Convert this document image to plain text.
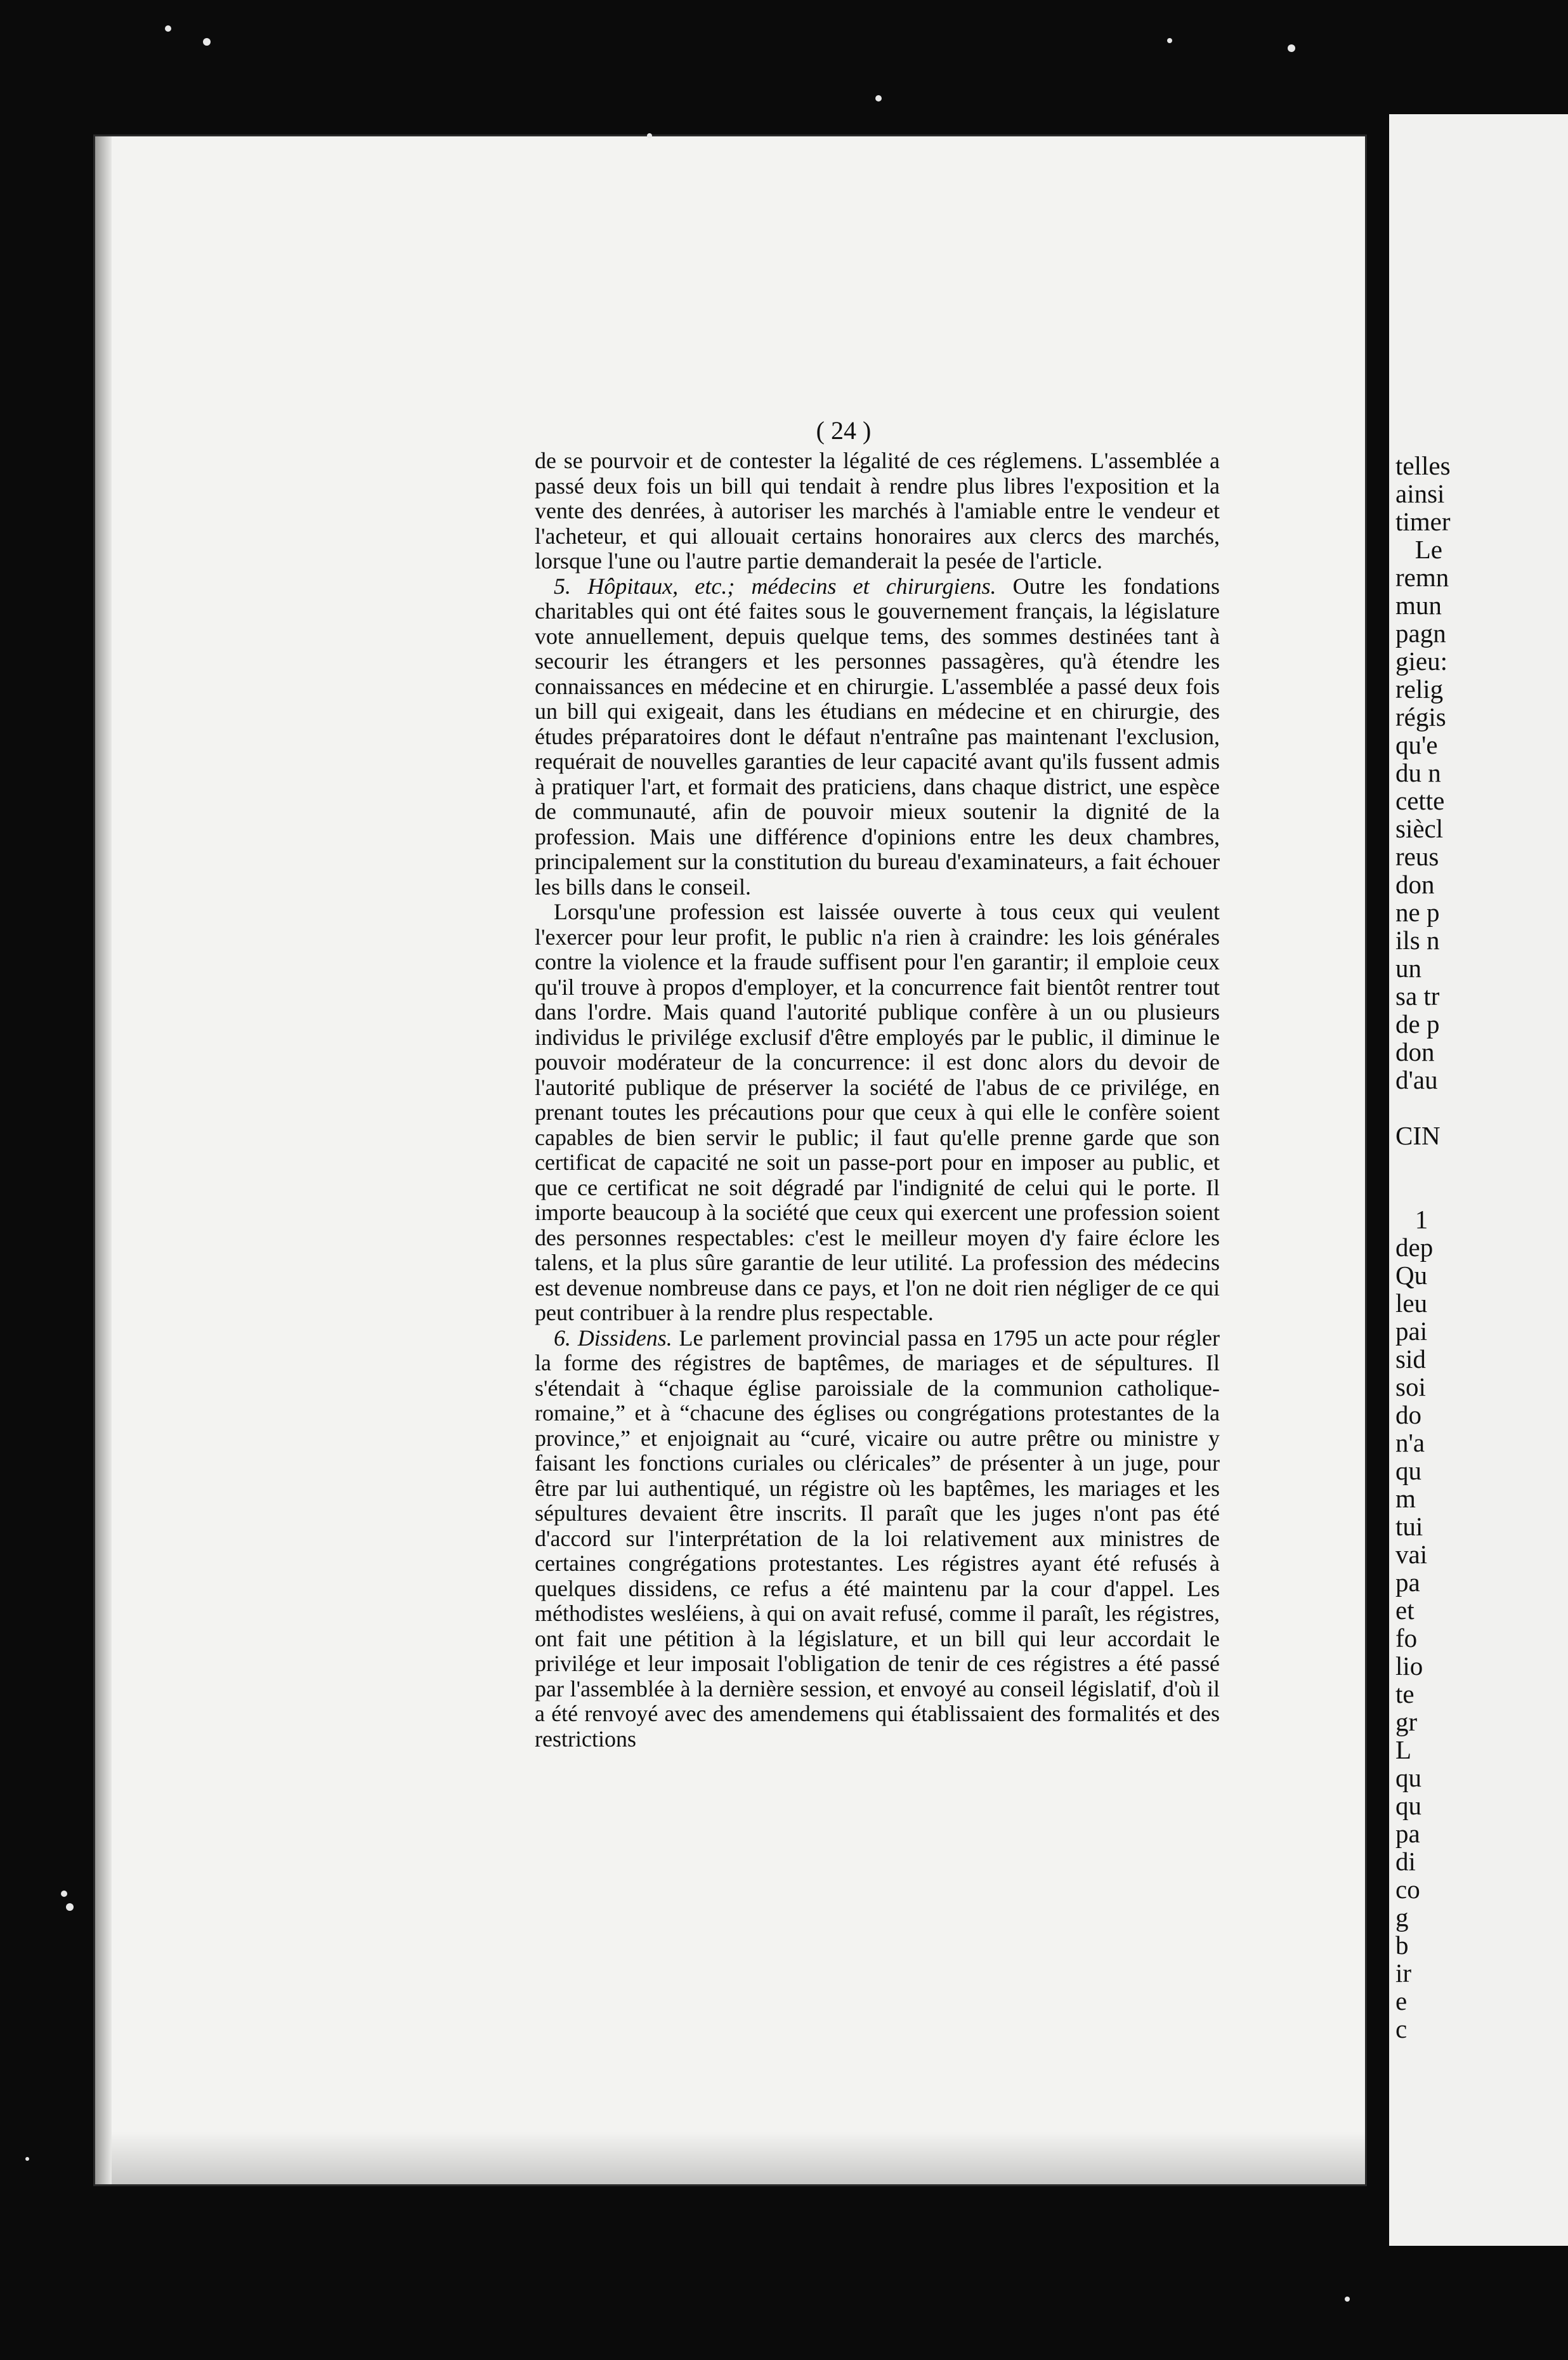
telles
ainsi
timer
Le
remn
mun
pagn
gieu:
relig
régis
qu'e
du n
cette
siècl
reus
don
ne p
ils n
un
sa tr
de p
don
d'au

CIN

1
dep
Qu
leu
pai
sid
soi
do
n'a
qu
m
tui
vai
pa
et
fo
lio
te
gr
L
qu
qu
pa
di
co
g
b
ir
e
c
( 24 )

de se pourvoir et de contester la légalité de ces réglemens. L'assemblée a passé deux fois un bill qui tendait à rendre plus libres l'exposition et la vente des denrées, à autoriser les marchés à l'amiable entre le vendeur et l'acheteur, et qui allouait certains honoraires aux clercs des marchés, lorsque l'une ou l'autre partie demanderait la pesée de l'article.

5. Hôpitaux, etc.; médecins et chirurgiens. Outre les fondations charitables qui ont été faites sous le gouvernement français, la législature vote annuellement, depuis quelque tems, des sommes destinées tant à secourir les étrangers et les personnes passagères, qu'à étendre les connaissances en médecine et en chirurgie. L'assemblée a passé deux fois un bill qui exigeait, dans les étudians en médecine et en chirurgie, des études préparatoires dont le défaut n'entraîne pas maintenant l'exclusion, requérait de nouvelles garanties de leur capacité avant qu'ils fussent admis à pratiquer l'art, et formait des praticiens, dans chaque district, une espèce de communauté, afin de pouvoir mieux soutenir la dignité de la profession. Mais une différence d'opinions entre les deux chambres, principalement sur la constitution du bureau d'examinateurs, a fait échouer les bills dans le conseil.

Lorsqu'une profession est laissée ouverte à tous ceux qui veulent l'exercer pour leur profit, le public n'a rien à craindre: les lois générales contre la violence et la fraude suffisent pour l'en garantir; il emploie ceux qu'il trouve à propos d'employer, et la concurrence fait bientôt rentrer tout dans l'ordre. Mais quand l'autorité publique confère à un ou plusieurs individus le privilége exclusif d'être employés par le public, il diminue le pouvoir modérateur de la concurrence: il est donc alors du devoir de l'autorité publique de préserver la société de l'abus de ce privilége, en prenant toutes les précautions pour que ceux à qui elle le confère soient capables de bien servir le public; il faut qu'elle prenne garde que son certificat de capacité ne soit un passe-port pour en imposer au public, et que ce certificat ne soit dégradé par l'indignité de celui qui le porte. Il importe beaucoup à la société que ceux qui exercent une profession soient des personnes respectables: c'est le meilleur moyen d'y faire éclore les talens, et la plus sûre garantie de leur utilité. La profession des médecins est devenue nombreuse dans ce pays, et l'on ne doit rien négliger de ce qui peut contribuer à la rendre plus respectable.

6. Dissidens. Le parlement provincial passa en 1795 un acte pour régler la forme des régistres de baptêmes, de mariages et de sépultures. Il s'étendait à “chaque église paroissiale de la communion catholique-romaine,” et à “chacune des églises ou congrégations protestantes de la province,” et enjoignait au “curé, vicaire ou autre prêtre ou ministre y faisant les fonctions curiales ou cléricales” de présenter à un juge, pour être par lui authentiqué, un régistre où les baptêmes, les mariages et les sépultures devaient être inscrits. Il paraît que les juges n'ont pas été d'accord sur l'interprétation de la loi relativement aux ministres de certaines congrégations protestantes. Les régistres ayant été refusés à quelques dissidens, ce refus a été maintenu par la cour d'appel. Les méthodistes wesléiens, à qui on avait refusé, comme il paraît, les régistres, ont fait une pétition à la législature, et un bill qui leur accordait le privilége et leur imposait l'obligation de tenir de ces régistres a été passé par l'assemblée à la dernière session, et envoyé au conseil législatif, d'où il a été renvoyé avec des amendemens qui établissaient des formalités et des restrictions
